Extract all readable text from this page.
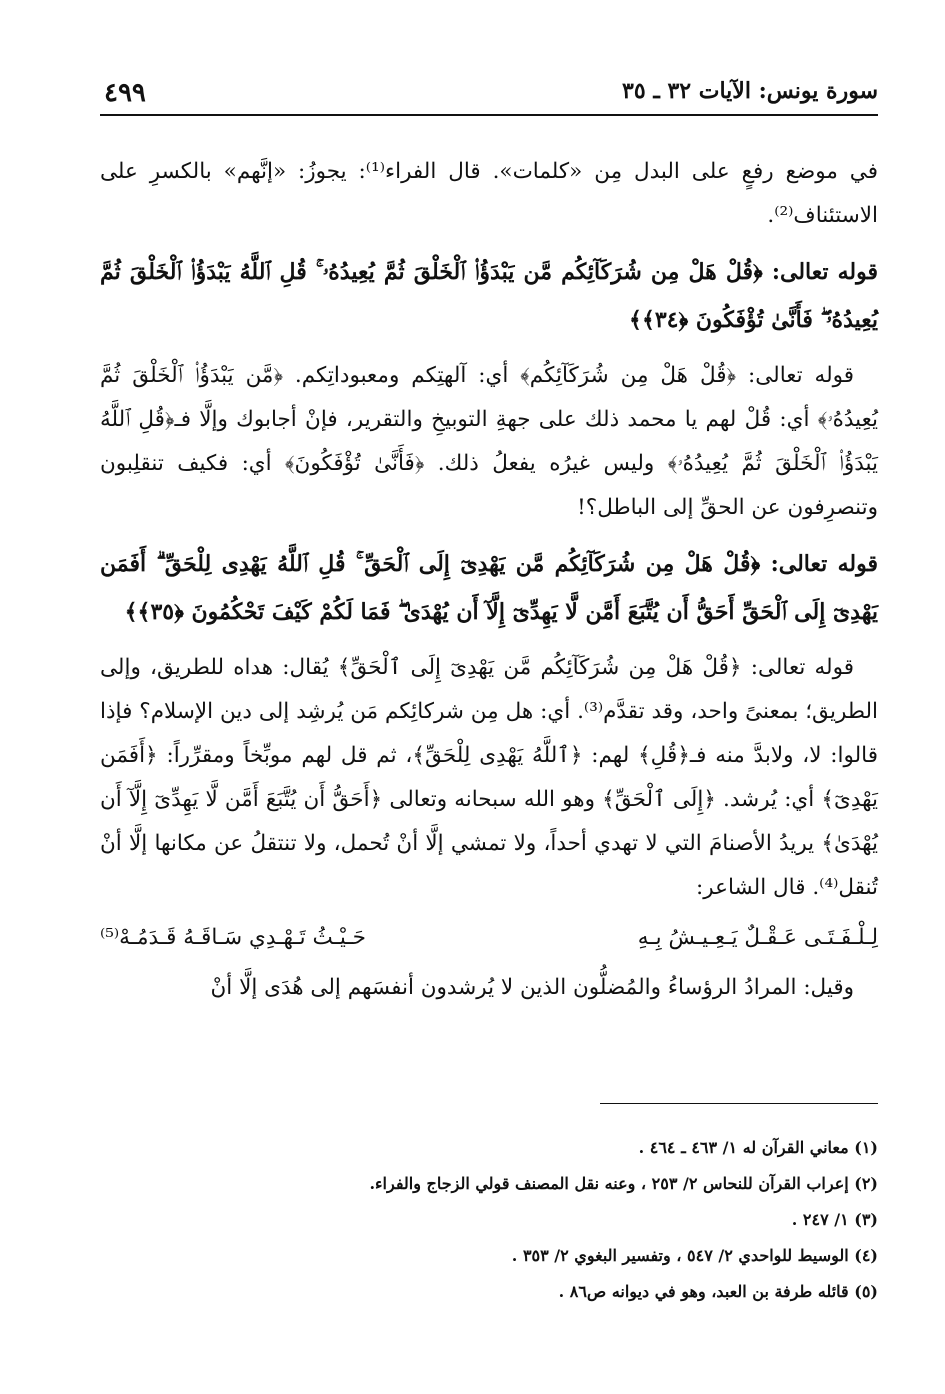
٤٩٩	سورة يونس: الآيات ٣٢ ـ ٣٥

في موضع رفعٍ على البدل مِن «كلمات». قال الفراء⁽¹⁾: يجوزُ: «إنَّهم» بالكسرِ على الاستئناف⁽²⁾.

قوله تعالى: ﴿قُلْ هَلْ مِن شُرَكَآئِكُم مَّن يَبْدَؤُا۟ ٱلْخَلْقَ ثُمَّ يُعِيدُهُۥ ۚ قُلِ ٱللَّهُ يَبْدَؤُا۟ ٱلْخَلْقَ ثُمَّ يُعِيدُهُۥ ۖ فَأَنَّىٰ تُؤْفَكُونَ ﴿٣٤﴾﴾

قوله تعالى: ﴿قُلْ هَلْ مِن شُرَكَآئِكُم﴾ أي: آلهتِكم ومعبوداتِكم. ﴿مَّن يَبْدَؤُا۟ ٱلْخَلْقَ ثُمَّ يُعِيدُهُۥ﴾ أي: قُلْ لهم يا محمد ذلك على جهةِ التوبيخِ والتقرير، فإنْ أجابوك وإلَّا فـ﴿قُلِ ٱللَّهُ يَبْدَؤُا۟ ٱلْخَلْقَ ثُمَّ يُعِيدُهُۥ﴾ وليس غيرُه يفعلُ ذلك. ﴿فَأَنَّىٰ تُؤْفَكُونَ﴾ أي: فكيف تنقلِبون وتنصرِفون عن الحقِّ إلى الباطل؟!

قوله تعالى: ﴿قُلْ هَلْ مِن شُرَكَآئِكُم مَّن يَهْدِىٓ إِلَى ٱلْحَقِّ ۚ قُلِ ٱللَّهُ يَهْدِى لِلْحَقِّ ۗ أَفَمَن يَهْدِىٓ إِلَى ٱلْحَقِّ أَحَقُّ أَن يُتَّبَعَ أَمَّن لَّا يَهِدِّىٓ إِلَّآ أَن يُهْدَىٰ ۖ فَمَا لَكُمْ كَيْفَ تَحْكُمُونَ ﴿٣٥﴾﴾

قوله تعالى: ﴿قُلْ هَلْ مِن شُرَكَآئِكُم مَّن يَهْدِىٓ إِلَى ٱلْحَقِّ﴾ يُقال: هداه للطريق، وإلى الطريق؛ بمعنىً واحد، وقد تقدَّم⁽³⁾. أي: هل مِن شركائِكم مَن يُرشِد إلى دين الإسلام؟ فإذا قالوا: لا، ولابدَّ منه فـ﴿قُلِ﴾ لهم: ﴿ٱللَّهُ يَهْدِى لِلْحَقِّ﴾، ثم قل لهم موبِّخاً ومقرِّراً: ﴿أَفَمَن يَهْدِىٓ﴾ أي: يُرشد. ﴿إِلَى ٱلْحَقِّ﴾ وهو الله سبحانه وتعالى ﴿أَحَقُّ أَن يُتَّبَعَ أَمَّن لَّا يَهِدِّىٓ إِلَّآ أَن يُهْدَىٰ﴾ يريدُ الأصنامَ التي لا تهدي أحداً، ولا تمشي إلَّا أنْ تُحمل، ولا تنتقلُ عن مكانها إلَّا أنْ تُنقل⁽⁴⁾. قال الشاعر:

لِـلْـفَـتَـى عَـقْـلٌ يَـعِـيـشُ بِـهِ
حَـيْـثُ تَـهْـدِي سَـاقَـهُ قَـدَمُـهْ⁽⁵⁾

وقيل: المرادُ الرؤساءُ والمُضلُّون الذين لا يُرشدون أنفسَهم إلى هُدَى إلَّا أنْ

(١) معاني القرآن له ١/ ٤٦٣ ـ ٤٦٤ .
(٢) إعراب القرآن للنحاس ٢/ ٢٥٣ ، وعنه نقل المصنف قولي الزجاج والفراء.
(٣) ١/ ٢٤٧ .
(٤) الوسيط للواحدي ٢/ ٥٤٧ ، وتفسير البغوي ٢/ ٣٥٣ .
(٥) قائله طرفة بن العبد، وهو في ديوانه ص٨٦ .
